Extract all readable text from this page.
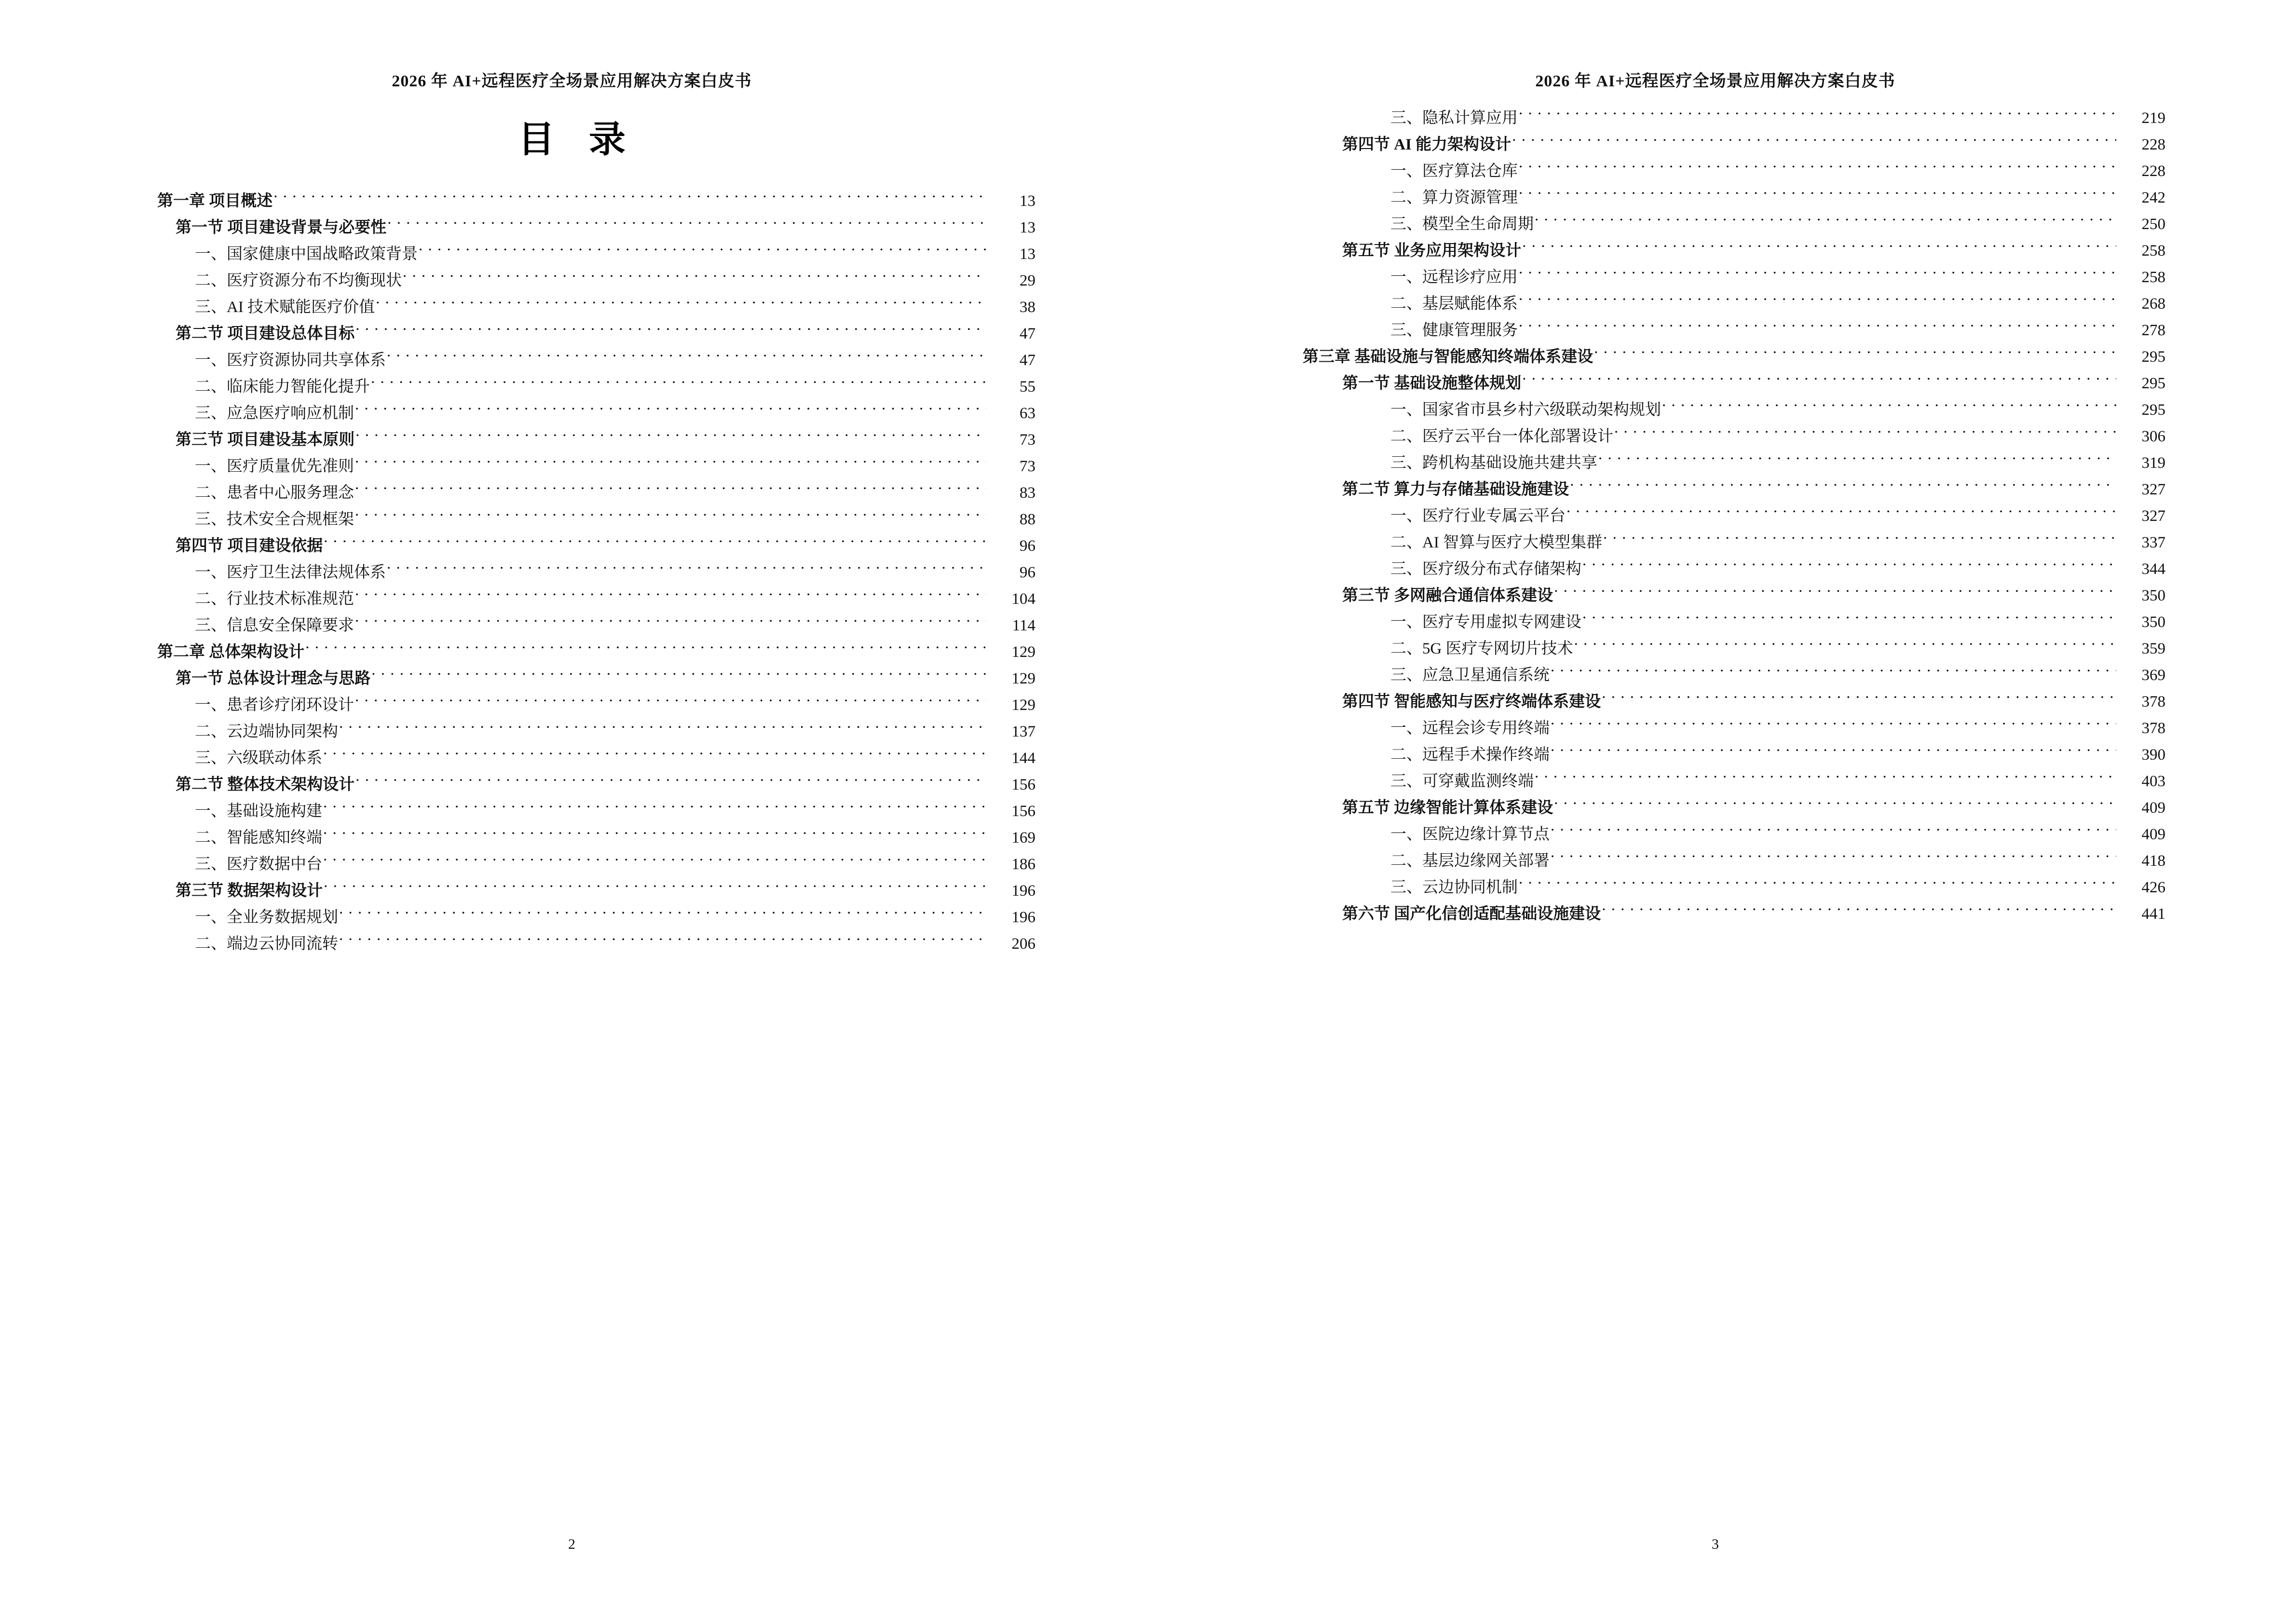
2026 年 AI+远程医疗全场景应用解决方案白皮书
目 录
第一章 项目概述 . . .	13
第一节 项目建设背景与必要性 . . .	13
一、国家健康中国战略政策背景 . . .	13
二、医疗资源分布不均衡现状 . . .	29
三、AI 技术赋能医疗价值 . . .	38
第二节 项目建设总体目标 . . .	47
一、医疗资源协同共享体系 . . .	47
二、临床能力智能化提升 . . .	55
三、应急医疗响应机制 . . .	63
第三节 项目建设基本原则 . . .	73
一、医疗质量优先准则 . . .	73
二、患者中心服务理念 . . .	83
三、技术安全合规框架 . . .	88
第四节 项目建设依据 . . .	96
一、医疗卫生法律法规体系 . . .	96
二、行业技术标准规范 . . .	104
三、信息安全保障要求 . . .	114
第二章 总体架构设计 . . .	129
第一节 总体设计理念与思路 . . .	129
一、患者诊疗闭环设计 . . .	129
二、云边端协同架构 . . .	137
三、六级联动体系 . . .	144
第二节 整体技术架构设计 . . .	156
一、基础设施构建 . . .	156
二、智能感知终端 . . .	169
三、医疗数据中台 . . .	186
第三节 数据架构设计 . . .	196
一、全业务数据规划 . . .	196
二、端边云协同流转 . . .	206
2
2026 年 AI+远程医疗全场景应用解决方案白皮书
三、隐私计算应用 . . .	219
第四节 AI 能力架构设计 . . .	228
一、医疗算法仓库 . . .	228
二、算力资源管理 . . .	242
三、模型全生命周期 . . .	250
第五节 业务应用架构设计 . . .	258
一、远程诊疗应用 . . .	258
二、基层赋能体系 . . .	268
三、健康管理服务 . . .	278
第三章 基础设施与智能感知终端体系建设 . . .	295
第一节 基础设施整体规划 . . .	295
一、国家省市县乡村六级联动架构规划 . . .	295
二、医疗云平台一体化部署设计 . . .	306
三、跨机构基础设施共建共享 . . .	319
第二节 算力与存储基础设施建设 . . .	327
一、医疗行业专属云平台 . . .	327
二、AI 智算与医疗大模型集群 . . .	337
三、医疗级分布式存储架构 . . .	344
第三节 多网融合通信体系建设 . . .	350
一、医疗专用虚拟专网建设 . . .	350
二、5G 医疗专网切片技术 . . .	359
三、应急卫星通信系统 . . .	369
第四节 智能感知与医疗终端体系建设 . . .	378
一、远程会诊专用终端 . . .	378
二、远程手术操作终端 . . .	390
三、可穿戴监测终端 . . .	403
第五节 边缘智能计算体系建设 . . .	409
一、医院边缘计算节点 . . .	409
二、基层边缘网关部署 . . .	418
三、云边协同机制 . . .	426
第六节 国产化信创适配基础设施建设 . . .	441
3
